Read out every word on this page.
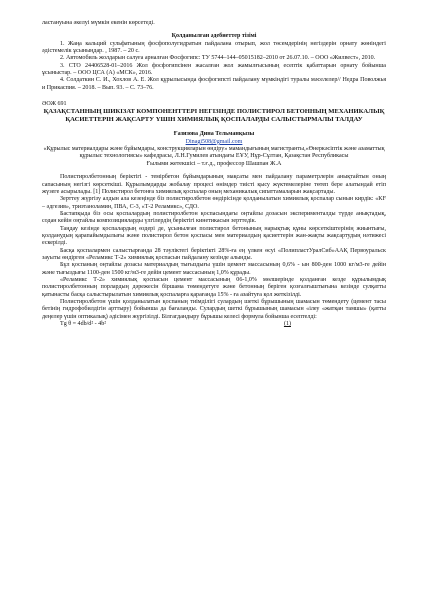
ластануына әкелуі мүмкін екенін көрсетеді.

Қолданылған әдебиеттер тізімі

1. Жаңа кальций сульфатының фосфополугидратын пайдалана отырып, жол төсемдерінің негіздерін орнату жөніндегі әдістемелік ұсыныңдар. , 1987. – 20 с.

2. Автомобиль жолдарын салуға арналған Фосфогипс: ТУ 5744–144–05015182–2010 от 26.07.10. – ООО «Жилвест», 2010.

3. СТО 24406528-01–2016 Жол фосфогипсінен жасалған жол жамылғысының есептік қабаттарын орнату бойынша ұсыныстар. – ООО ЦСА (А) «МСК», 2016.

4. Солдаткин С. И., Хохлов А. Е. Жол құрылысында фосфогипсті пайдалану мүмкіндігі туралы мәселелер// Недра Поволжья и Прикаспия. – 2018. – Вып. 93. – С. 73–76.

ӘОЖ 691

ҚАЗАҚСТАННЫҢ ШИКІЗАТ КОМПОНЕНТТЕРІ НЕГІЗІНДЕ ПОЛИСТИРОЛ БЕТОННЫҢ МЕХАНИКАЛЫҚ ҚАСИЕТТЕРІН ЖАҚСАРТУ ҮШІН ХИМИЯЛЫҚ ҚОСПАЛАРДЫ САЛЫСТЫРМАЛЫ ТАЛДАУ

Ғазизова Дина Тельманқызы

Dinagi508@gmail.com

«Құрылыс материалдары және бұйымдары, конструкцияларын өндіру» мамандығының магистранты,«Өнеркәсіптік және азаматтық құрылыс технологиясы» кафедрасы, Л.Н.Гумилев атындағы ЕҰУ, Нұр-Сұлтан, Қазақстан Республикасы

Ғылыми жетекшісі – т.ғ.д., профессор Шашпан Ж.А

Полистиролбетонның беріктігі - темірбетон бұйымдарының мақсаты мен пайдалану параметрлерін анықтайтын оның сапасының негізгі көрсеткіші. Құрылымдарды жобалау процесі өнімдер тиісті қысу жүктемелеріне төтеп бере алатындай етіп жүзеге асырылады. [1] Полистирол бетонға химиялық қоспалар оның механикалық сипаттамаларын жақсартады.

Зерттеу жүргізу алдын ала кезеңінде біз полистиролбетон өндірісінде қолданылатын химиялық қоспалар сынын кирдік: «KF – әдгезив», триэтаноламин, ПВА, С-3, «Т-2 Реламикс», СДО.

Бастапқыда біз осы қоспалардың полистиролбетон қоспасындағы оңтайлы дозасын эксперименталды түрде анықтадық, содан кейін оңтайлы композицияларды үлгілердің беріктігі кинетикасын зерттедік.

Таңдау кезінде қоспалардың өздері де, ұсынылған полистирол бетонының нарықтық құны көрсеткіштерінің жиынтығы, қолданудың қарапайымдылығы және полистирол бетон қоспасы мен материалдың қасиеттерін жан-жақты жақсартудың нәтижесі ескерілді.

Басқа қоспалармен салыстырғанда 28 тәуліктегі беріктікті 28%-ға ең үлкен өсуі «ПолипластУралСиб»ААҚ Первоуральск зауыты өндірген «Реламикс Т-2» химиялық қоспасын пайдалану кезінде алынды.

Бұл қоспаның оңтайлы дозасы материалдың тығыздығы үшін цемент массасының 0,6% - ын 800-ден 1000 кг/м3-ге дейін және тығыздығы 1100-ден 1500 кг/м3-ге дейін цемент массасының 1,0% құрады.

«Реламикс Т-2» химиялық қоспасын цемент массасының 06-1,0% мөлшерінде қолданған кезде құрылымдық полистиролбетонның порлардың дәрежесін біршама төмендетуге және бетонның беріген қозғалғыштығына кезінде сулқатты қатынасты басқа салыстырылатын химиялық қоспаларға қарағанда 15% - ға азайтуға қол жеткізілді.

Полистиролбетон үшін қолданылатын қоспаның тиімділігі сулардың шеткі бұрышының шамасын төмендету (цемент тасы бетінің гидрофобилдігін арттыру) бойынша да бағаланды. Сулардың шеткі бұрышының шамасын «ілеу «жатқан тамшы» (қатты деңелер үшін оптикалық) әдісімен жүргізілді. Білгагдандыру бұрышы келесі формула бойынша есептелді:

Tg θ = 4db/d² - 4b²	(1)
